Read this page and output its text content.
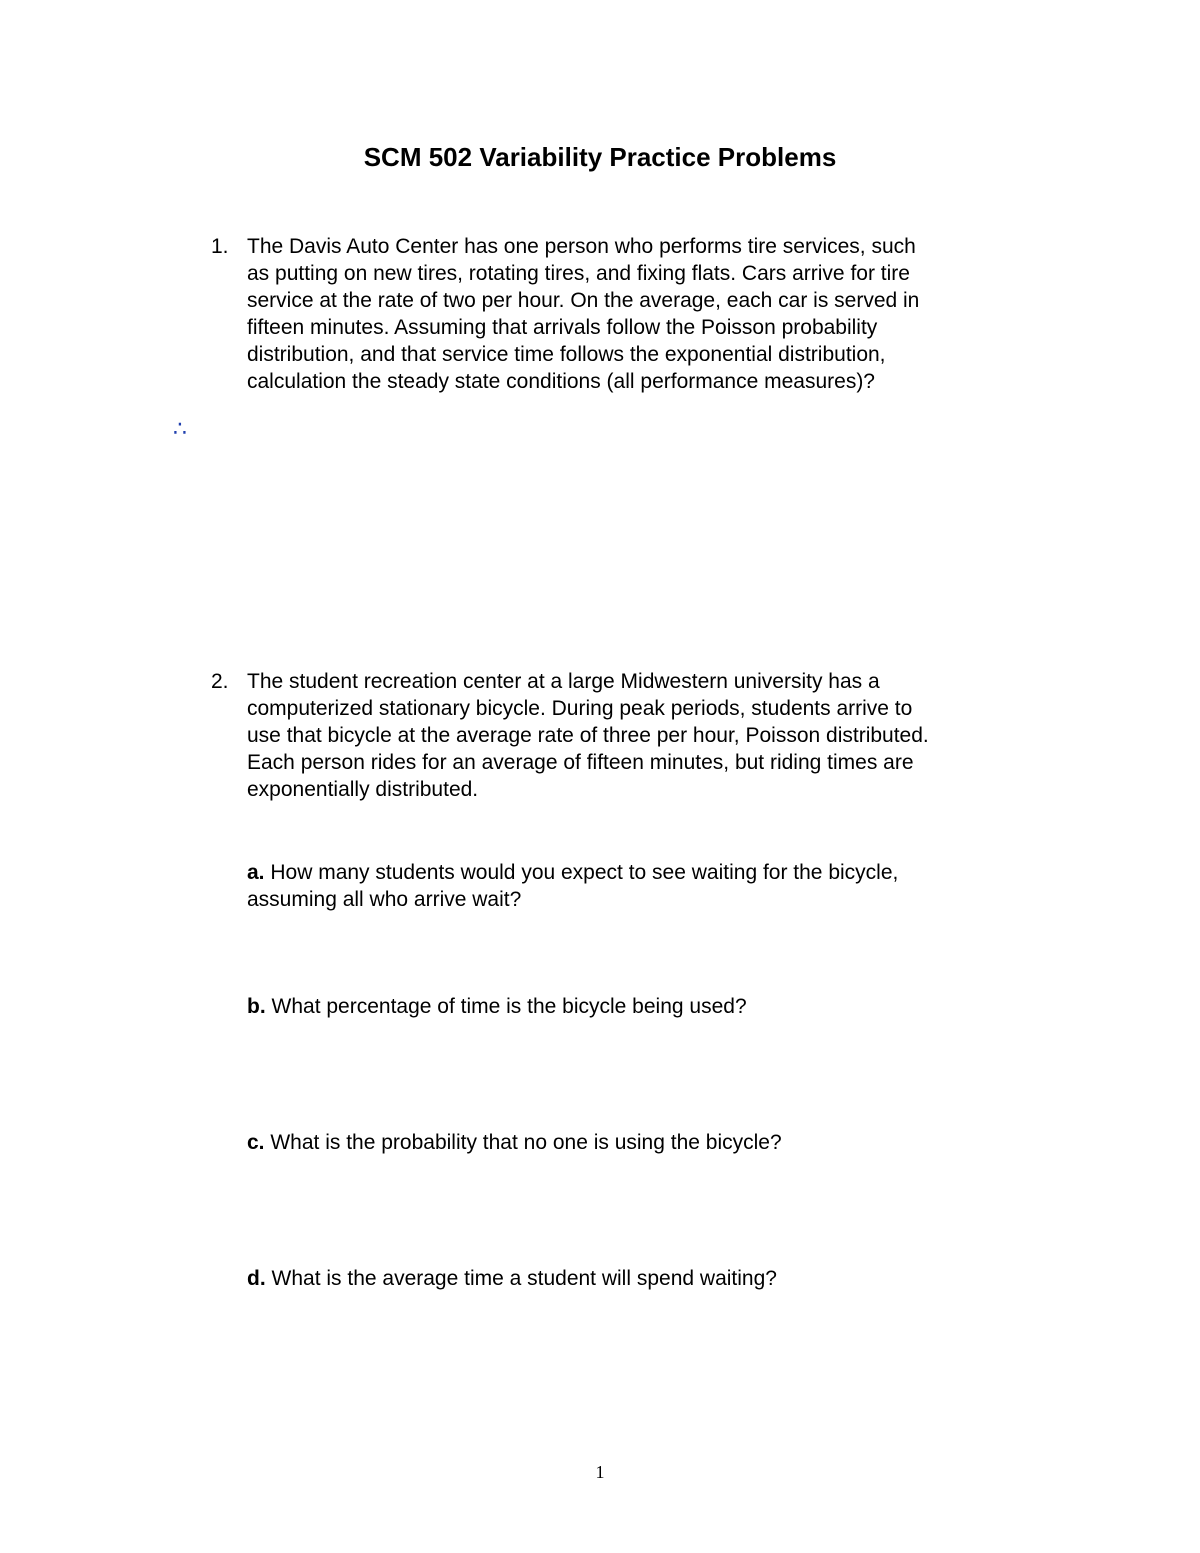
SCM 502 Variability Practice Problems
1. The Davis Auto Center has one person who performs tire services, such
as putting on new tires, rotating tires, and fixing flats. Cars arrive for tire
service at the rate of two per hour. On the average, each car is served in
fifteen minutes. Assuming that arrivals follow the Poisson probability
distribution, and that service time follows the exponential distribution,
calculation the steady state conditions (all performance measures)?
∴
2. The student recreation center at a large Midwestern university has a
computerized stationary bicycle. During peak periods, students arrive to
use that bicycle at the average rate of three per hour, Poisson distributed.
Each person rides for an average of fifteen minutes, but riding times are
exponentially distributed.
a. How many students would you expect to see waiting for the bicycle,
assuming all who arrive wait?
b. What percentage of time is the bicycle being used?
c. What is the probability that no one is using the bicycle?
d. What is the average time a student will spend waiting?
1
